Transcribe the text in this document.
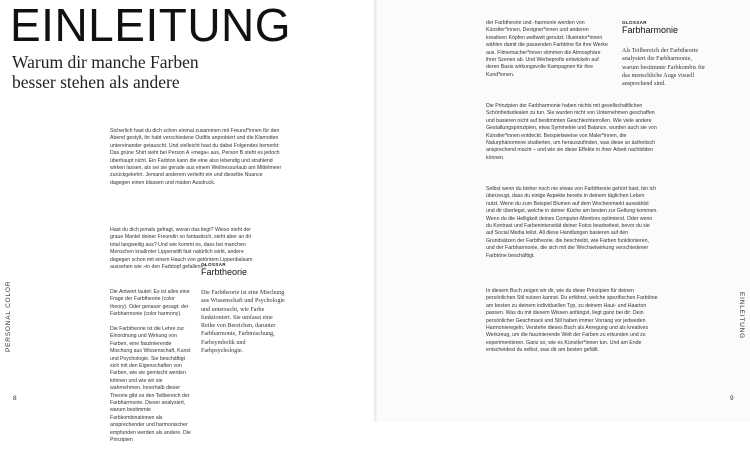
EINLEITUNG
Warum dir manche Farben
besser stehen als andere

Sicherlich hast du dich schon einmal zusammen mit Freund*innen für den Abend gestylt, ihr habt verschiedene Outfits anprobiert und die Klamotten untereinander getauscht. Und vielleicht hast du dabei Folgendes bemerkt: Das grüne Shirt sieht bei Person A »mega« aus, Person B steht es jedoch überhaupt nicht. Ein Farbton kann die eine also lebendig und strahlend wirken lassen, als sei sie gerade aus einem Wellnessurlaub am Mittelmeer zurückgekehrt. Jemand anderem verleiht ein und dieselbe Nuance dagegen einen blassen und müden Ausdruck.

Hast du dich jemals gefragt, woran das liegt? Wieso steht der graue Mantel deiner Freundin so fantastisch, sieht aber an dir total langweilig aus? Und wie kommt es, dass bei manchen Menschen knallroter Lippenstift fast natürlich wirkt, andere dagegen schon mit einem Hauch von getöntem Lippenbalsam aussehen wie »in den Farbtopf gefallen«?

GLOSSAR

Farbtheorie

Die Farbtheorie ist eine Mischung aus Wissenschaft und Psychologie und untersucht, wie Farbe funktioniert. Sie umfasst eine Reihe von Bereichen, darunter Farbharmonie, Farbmischung, Farbsymbolik und Farbpsychologie.

Die Antwort lautet: Es ist alles eine Frage der Farbtheorie (color theory). Oder genauer gesagt: der Farbharmonie (color harmony).

Die Farbtheorie ist die Lehre zur Einordnung und Wirkung von Farben, eine faszinierende Mischung aus Wissenschaft, Kunst und Psychologie. Sie beschäftigt sich mit den Eigenschaften von Farben, wie sie gemischt werden können und wie wir sie wahrnehmen. Innerhalb dieser Theorie gibt es den Teilbereich der Farbharmonie. Dieser analysiert, warum bestimmte Farbkombinationen als ansprechender und harmonischer empfunden werden als andere. Die Prinzipien

PERSONAL COLOR
8

der Farbtheorie und -harmonie werden von Künstler*innen, Designer*innen und anderen kreativen Köpfen weltweit genutzt. Illustrator*innen wählen damit die passenden Farbtöne für ihre Werke aus. Filmemacher*innen stimmen die Atmosphäre ihrer Szenen ab. Und Werbeprofis entwickeln auf deren Basis wirkungsvolle Kampagnen für ihre Kund*innen.

Die Prinzipien der Farbharmonie haben nichts mit gesellschaftlichen Schönheitsidealen zu tun. Sie wurden nicht von Unternehmen geschaffen und basieren nicht auf bestimmten Geschlechterrollen. Wie viele andere Gestaltungsprinzipien, etwa Symmetrie und Balance, wurden auch sie von Künstler*innen entdeckt. Beispielsweise von Maler*innen, die Naturphänomene studierten, um herauszufinden, was diese so ästhetisch ansprechend macht – und wie sie diese Effekte in ihrer Arbeit nachbilden können.

Selbst wenn du bisher noch nie etwas von Farbtheorie gehört hast, bin ich überzeugt, dass du einige Aspekte bereits in deinem täglichen Leben nutzt. Wenn du zum Beispiel Blumen auf dem Wochenmarkt auswählst und dir überlegst, welche in deiner Küche am besten zur Geltung kommen. Wenn du die Helligkeit deines Computer-Monitors optimierst. Oder wenn du Kontrast und Farbenintensität deiner Fotos bearbeitest, bevor du sie auf Social Media teilst. All diese Handlungen basieren auf den Grundsätzen der Farbtheorie, die beschreibt, wie Farben funktionieren, und der Farbharmonie, die sich mit der Wechselwirkung verschiedener Farbtöne beschäftigt.

In diesem Buch zeigen wir dir, wie du diese Prinzipien für deinen persönlichen Stil nutzen kannst. Du erfährst, welche spezifischen Farbtöne am besten zu deinem individuellen Typ, zu deinem Haut- und Haarton passen. Was du mit diesem Wissen anfängst, liegt ganz bei dir: Dein persönlicher Geschmack und Stil haben immer Vorrang vor jedweden Harmonieregeln. Verstehe dieses Buch als Anregung und als kreatives Werkzeug, um die faszinierende Welt der Farben zu erkunden und zu experimentieren. Ganz so, wie es Künstler*innen tun. Und am Ende entscheidest du selbst, was dir am besten gefällt.

GLOSSAR

Farbharmonie

Als Teilbereich der Farbtheorie analysiert die Farbharmonie, warum bestimmte Farbkombis für das menschliche Auge visuell ansprechend sind.

EINLEITUNG
9
